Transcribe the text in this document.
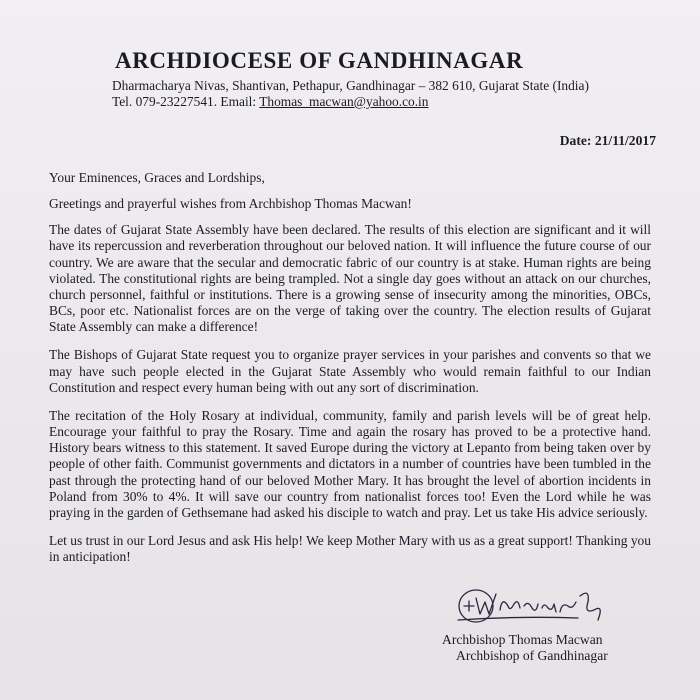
ARCHDIOCESE OF GANDHINAGAR

Dharmacharya Nivas, Shantivan, Pethapur, Gandhinagar – 382 610, Gujarat State (India)

Tel. 079-23227541. Email: Thomas_macwan@yahoo.co.in

Date: 21/11/2017

Your Eminences, Graces and Lordships,

Greetings and prayerful wishes from Archbishop Thomas Macwan!

The dates of Gujarat State Assembly have been declared. The results of this election are significant and it will have its repercussion and reverberation throughout our beloved nation. It will influence the future course of our country. We are aware that the secular and democratic fabric of our country is at stake. Human rights are being violated. The constitutional rights are being trampled. Not a single day goes without an attack on our churches, church personnel, faithful or institutions. There is a growing sense of insecurity among the minorities, OBCs, BCs, poor etc. Nationalist forces are on the verge of taking over the country. The election results of Gujarat State Assembly can make a difference!

The Bishops of Gujarat State request you to organize prayer services in your parishes and convents so that we may have such people elected in the Gujarat State Assembly who would remain faithful to our Indian Constitution and respect every human being with out any sort of discrimination.

The recitation of the Holy Rosary at individual, community, family and parish levels will be of great help. Encourage your faithful to pray the Rosary. Time and again the rosary has proved to be a protective hand. History bears witness to this statement. It saved Europe during the victory at Lepanto from being taken over by people of other faith. Communist governments and dictators in a number of countries have been tumbled in the past through the protecting hand of our beloved Mother Mary. It has brought the level of abortion incidents in Poland from 30% to 4%. It will save our country from nationalist forces too! Even the Lord while he was praying in the garden of Gethsemane had asked his disciple to watch and pray. Let us take His advice seriously.

Let us trust in our Lord Jesus and ask His help! We keep Mother Mary with us as a great support! Thanking you in anticipation!

Archbishop Thomas Macwan
Archbishop of Gandhinagar
